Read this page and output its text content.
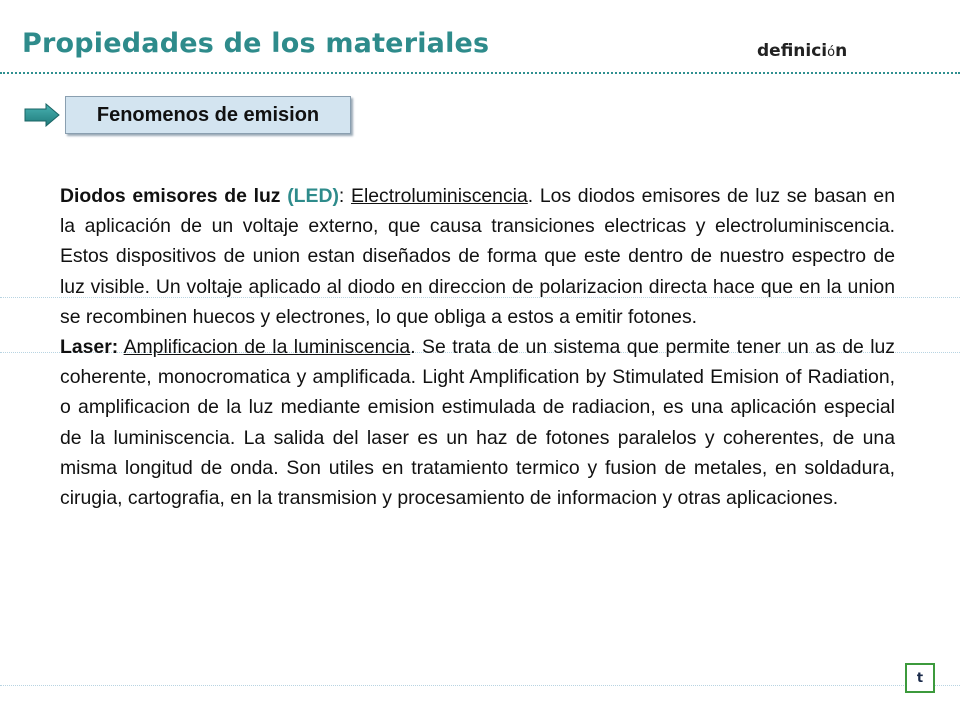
Propiedades de los materiales	definición
Fenomenos de emision

Diodos emisores de luz (LED): Electroluminiscencia. Los diodos emisores de luz se basan en la aplicación de un voltaje externo, que causa transiciones electricas y electroluminiscencia. Estos dispositivos de union estan diseñados de forma que este dentro de nuestro espectro de luz visible. Un voltaje aplicado al diodo en direccion de polarizacion directa hace que en la union se recombinen huecos y electrones, lo que obliga a estos a emitir fotones.

Laser: Amplificacion de la luminiscencia. Se trata de un sistema que permite tener un as de luz coherente, monocromatica y amplificada. Light Amplification by Stimulated Emision of Radiation, o amplificacion de la luz mediante emision estimulada de radiacion, es una aplicación especial de la luminiscencia. La salida del laser es un haz de fotones paralelos y coherentes, de una misma longitud de onda. Son utiles en tratamiento termico y fusion de metales, en soldadura, cirugia, cartografia, en la transmision y procesamiento de informacion y otras aplicaciones.

t
